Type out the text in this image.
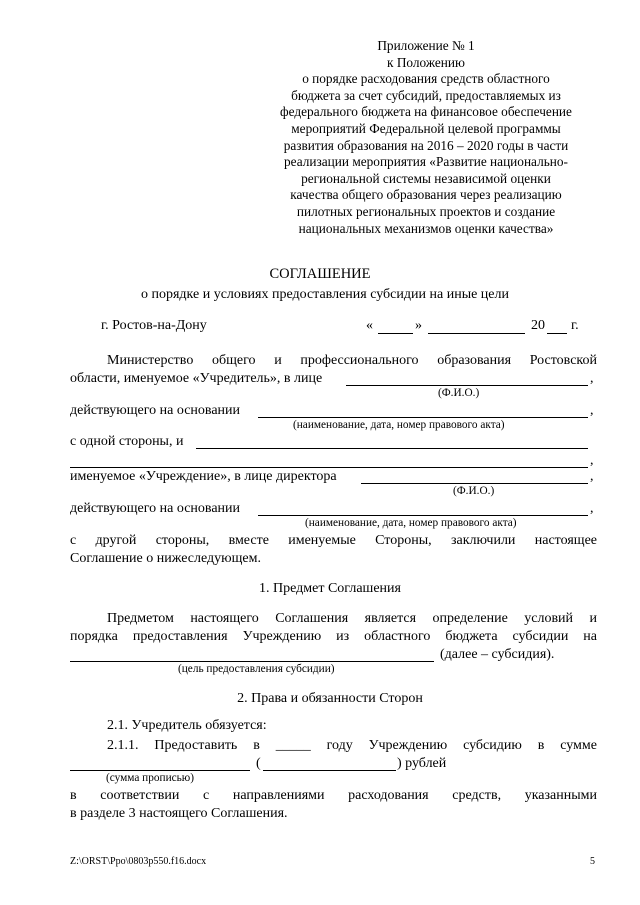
Приложение № 1
к Положению
о порядке расходования средств областного
бюджета за счет субсидий, предоставляемых из
федерального бюджета на финансовое обеспечение
мероприятий Федеральной целевой программы
развития образования на 2016 – 2020 годы в части
реализации мероприятия «Развитие национально-
региональной системы независимой оценки
качества общего образования через реализацию
пилотных региональных проектов и создание
национальных механизмов оценки качества»
СОГЛАШЕНИЕ
о порядке и условиях предоставления субсидии на иные цели
г. Ростов-на-Дону	«	»	20 г.
Министерство общего и профессионального образования Ростовской
области, именуемое «Учредитель», в лице	,
(Ф.И.О.)
действующего на основании	,
(наименование, дата, номер правового акта)
с одной стороны, и
,
именуемое «Учреждение», в лице директора	,
(Ф.И.О.)
действующего на основании	,
(наименование, дата, номер правового акта)
с другой стороны, вместе именуемые Стороны, заключили настоящее
Соглашение о нижеследующем.
1. Предмет Соглашения
Предметом настоящего Соглашения является определение условий и
порядка предоставления Учреждению из областного бюджета субсидии на
(далее – субсидия).
(цель предоставления субсидии)
2. Права и обязанности Сторон
2.1. Учредитель обязуется:
2.1.1. Предоставить в _____ году Учреждению субсидию в сумме
(	) рублей
(сумма прописью)
в соответствии с направлениями расходования средств, указанными
в разделе 3 настоящего Соглашения.
Z:\ORST\Ppo\0803p550.f16.docx	5
